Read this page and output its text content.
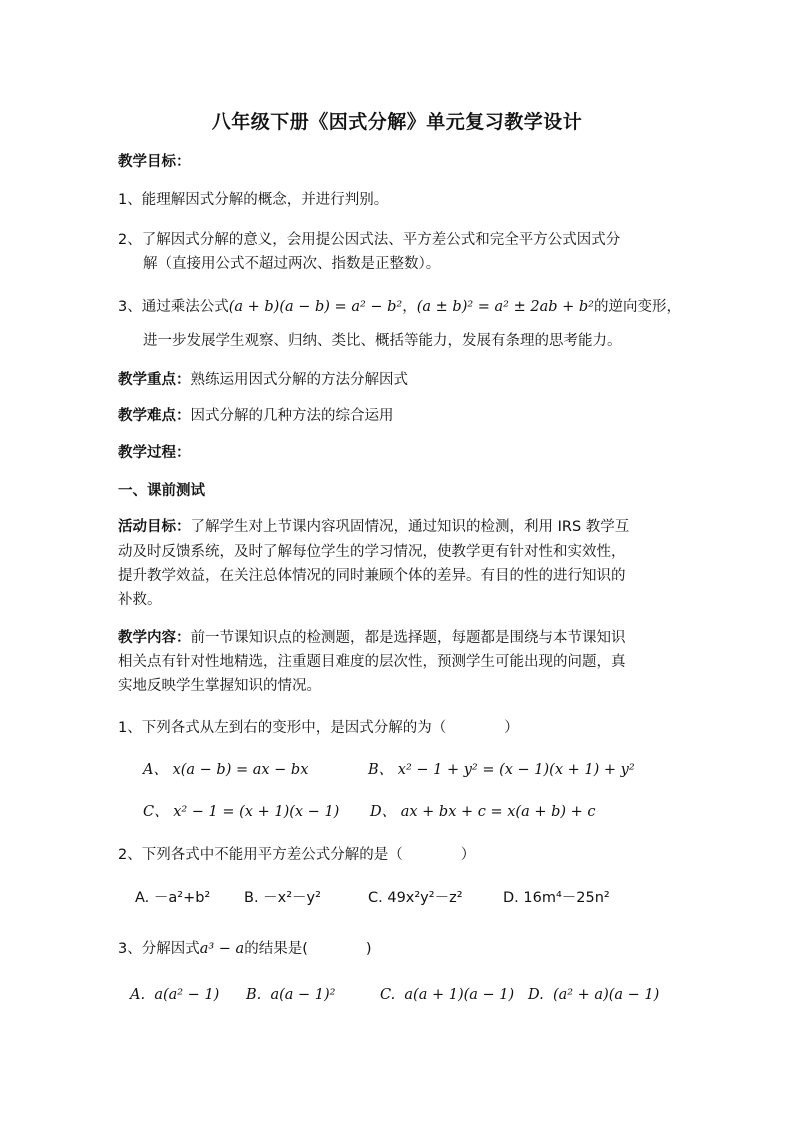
八年级下册《因式分解》单元复习教学设计
教学目标：
1、能理解因式分解的概念，并进行判别。
2、了解因式分解的意义，会用提公因式法、平方差公式和完全平方公式因式分
解（直接用公式不超过两次、指数是正整数）。
3、通过乘法公式(a + b)(a − b) = a² − b²，(a ± b)² = a² ± 2ab + b²的逆向变形，
进一步发展学生观察、归纳、类比、概括等能力，发展有条理的思考能力。
教学重点：熟练运用因式分解的方法分解因式
教学难点：因式分解的几种方法的综合运用
教学过程：
一、课前测试
活动目标：了解学生对上节课内容巩固情况，通过知识的检测，利用 IRS 教学互
动及时反馈系统，及时了解每位学生的学习情况，使教学更有针对性和实效性，
提升教学效益，在关注总体情况的同时兼顾个体的差异。有目的性的进行知识的
补救。
教学内容：前一节课知识点的检测题，都是选择题，每题都是围绕与本节课知识
相关点有针对性地精选，注重题目难度的层次性，预测学生可能出现的问题，真
实地反映学生掌握知识的情况。
1、下列各式从左到右的变形中，是因式分解的为（　　　　）
A、 x(a − b) = ax − bx	B、 x² − 1 + y² = (x − 1)(x + 1) + y²
C、 x² − 1 = (x + 1)(x − 1) D、 ax + bx + c = x(a + b) + c
2、下列各式中不能用平方差公式分解的是（　　　　）
A. －a²+b² B. －x²－y²	C. 49x²y²－z²	D. 16m⁴－25n²
3、分解因式a³ − a的结果是(　　　　)
A. a(a² − 1) B. a(a − 1)²	C. a(a + 1)(a − 1) D. (a² + a)(a − 1)
